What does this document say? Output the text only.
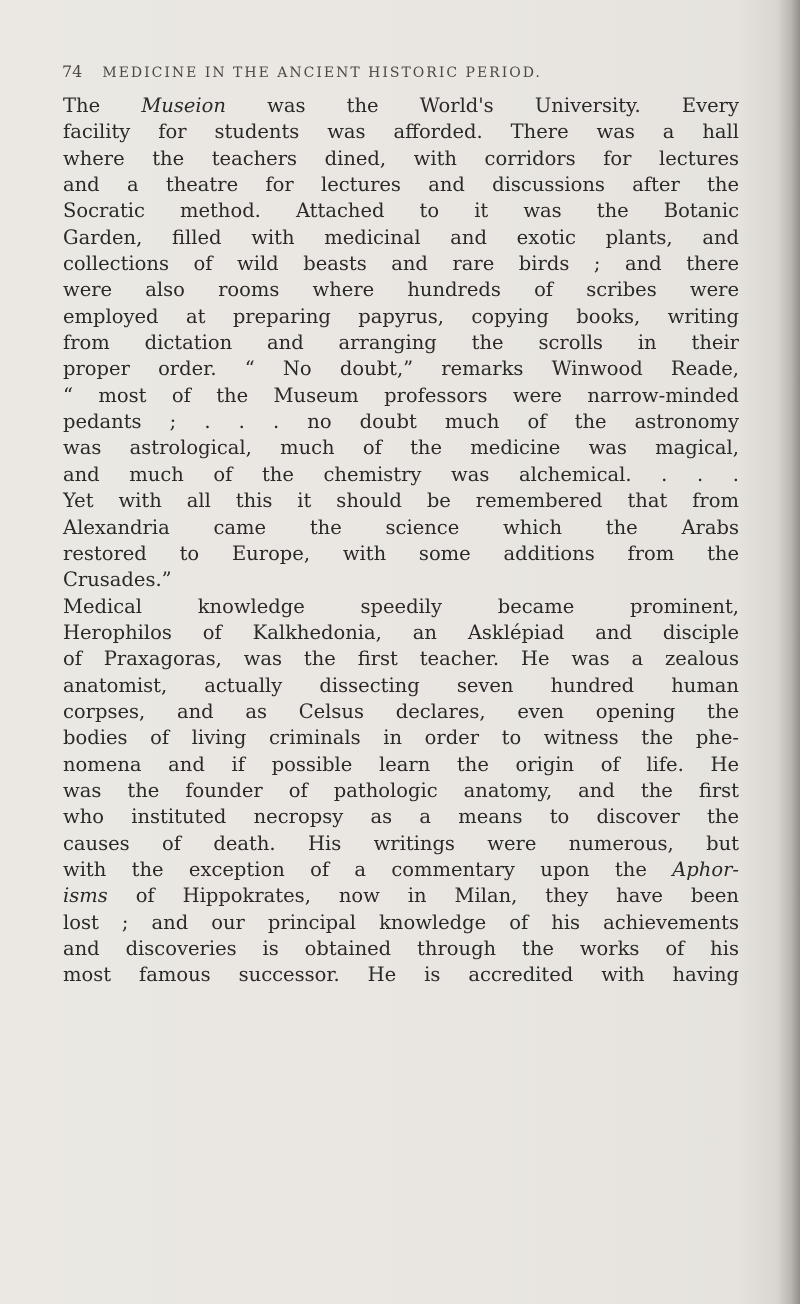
74 MEDICINE IN THE ANCIENT HISTORIC PERIOD.
The Museion was the World's University. Every
facility for students was afforded. There was a hall
where the teachers dined, with corridors for lectures
and a theatre for lectures and discussions after the
Socratic method. Attached to it was the Botanic
Garden, filled with medicinal and exotic plants, and
collections of wild beasts and rare birds ; and there
were also rooms where hundreds of scribes were
employed at preparing papyrus, copying books, writing
from dictation and arranging the scrolls in their
proper order. “ No doubt,” remarks Winwood Reade,
“ most of the Museum professors were narrow-minded
pedants ; . . . no doubt much of the astronomy
was astrological, much of the medicine was magical,
and much of the chemistry was alchemical. . . .
Yet with all this it should be remembered that from
Alexandria came the science which the Arabs
restored to Europe, with some additions from the
Crusades.”
Medical knowledge speedily became prominent,
Herophilos of Kalkhedonia, an Asklépiad and disciple
of Praxagoras, was the first teacher. He was a zealous
anatomist, actually dissecting seven hundred human
corpses, and as Celsus declares, even opening the
bodies of living criminals in order to witness the phe-
nomena and if possible learn the origin of life. He
was the founder of pathologic anatomy, and the first
who instituted necropsy as a means to discover the
causes of death. His writings were numerous, but
with the exception of a commentary upon the Aphor-
isms of Hippokrates, now in Milan, they have been
lost ; and our principal knowledge of his achievements
and discoveries is obtained through the works of his
most famous successor. He is accredited with having
